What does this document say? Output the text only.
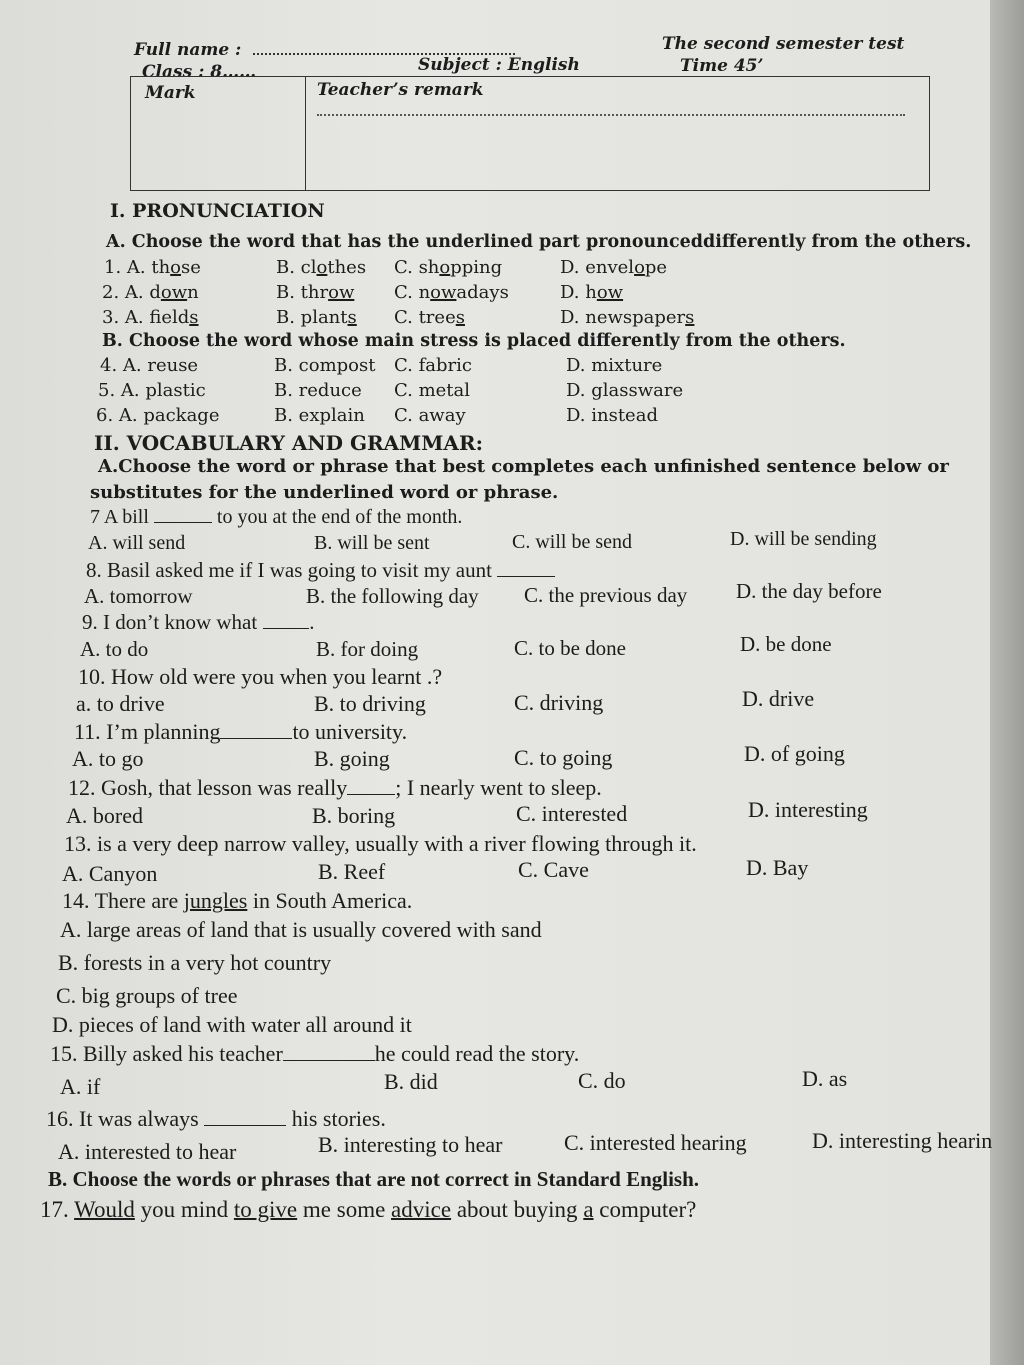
Full name :
Class : 8……	Subject : English
The second semester test
Time 45’
Mark	Teacher’s remark
I. PRONUNCIATION
A. Choose the word that has the underlined part pronounceddifferently from the others.
1. A. those	B. clothes C. shopping	D. envelope
2. A. down	B. throw C. nowadays	D. how
3. A. fields	B. plants C. trees	D. newspapers
B. Choose the word whose main stress is placed differently from the others.
4. A. reuse	B. compost C. fabric	D. mixture
5. A. plastic	B. reduce C. metal	D. glassware
6. A. package	B. explain C. away	D. instead
II. VOCABULARY AND GRAMMAR:
A.Choose the word or phrase that best completes each unfinished sentence below or
substitutes for the underlined word or phrase.
7 A bill	to you at the end of the month.
A. will send	B. will be sent	C. will be send	D. will be sending
8. Basil asked me if I was going to visit my aunt
A. tomorrow	B. the following day C. the previous day D. the day before
9. I don’t know what .
A. to do	B. for doing	C. to be done	D. be done
10. How old were you when you learnt .?
a. to drive	B. to driving	C. driving	D. drive
11. I’m planning	to university.
A. to go	B. going	C. to going	D. of going
12. Gosh, that lesson was really ; I nearly went to sleep.
A. bored	B. boring	C. interested	D. interesting
13. is a very deep narrow valley, usually with a river flowing through it.
A. Canyon	B. Reef	C. Cave	D. Bay
14. There are jungles in South America.
A. large areas of land that is usually covered with sand
B. forests in a very hot country
C. big groups of tree
D. pieces of land with water all around it
15. Billy asked his teacher	he could read the story.
A. if	B. did	C. do	D. as
16. It was always	his stories.
A. interested to hear	B. interesting to hear	C. interested hearing	D. interesting hearin
B. Choose the words or phrases that are not correct in Standard English.
17. Would you mind to give me some advice about buying a computer?
